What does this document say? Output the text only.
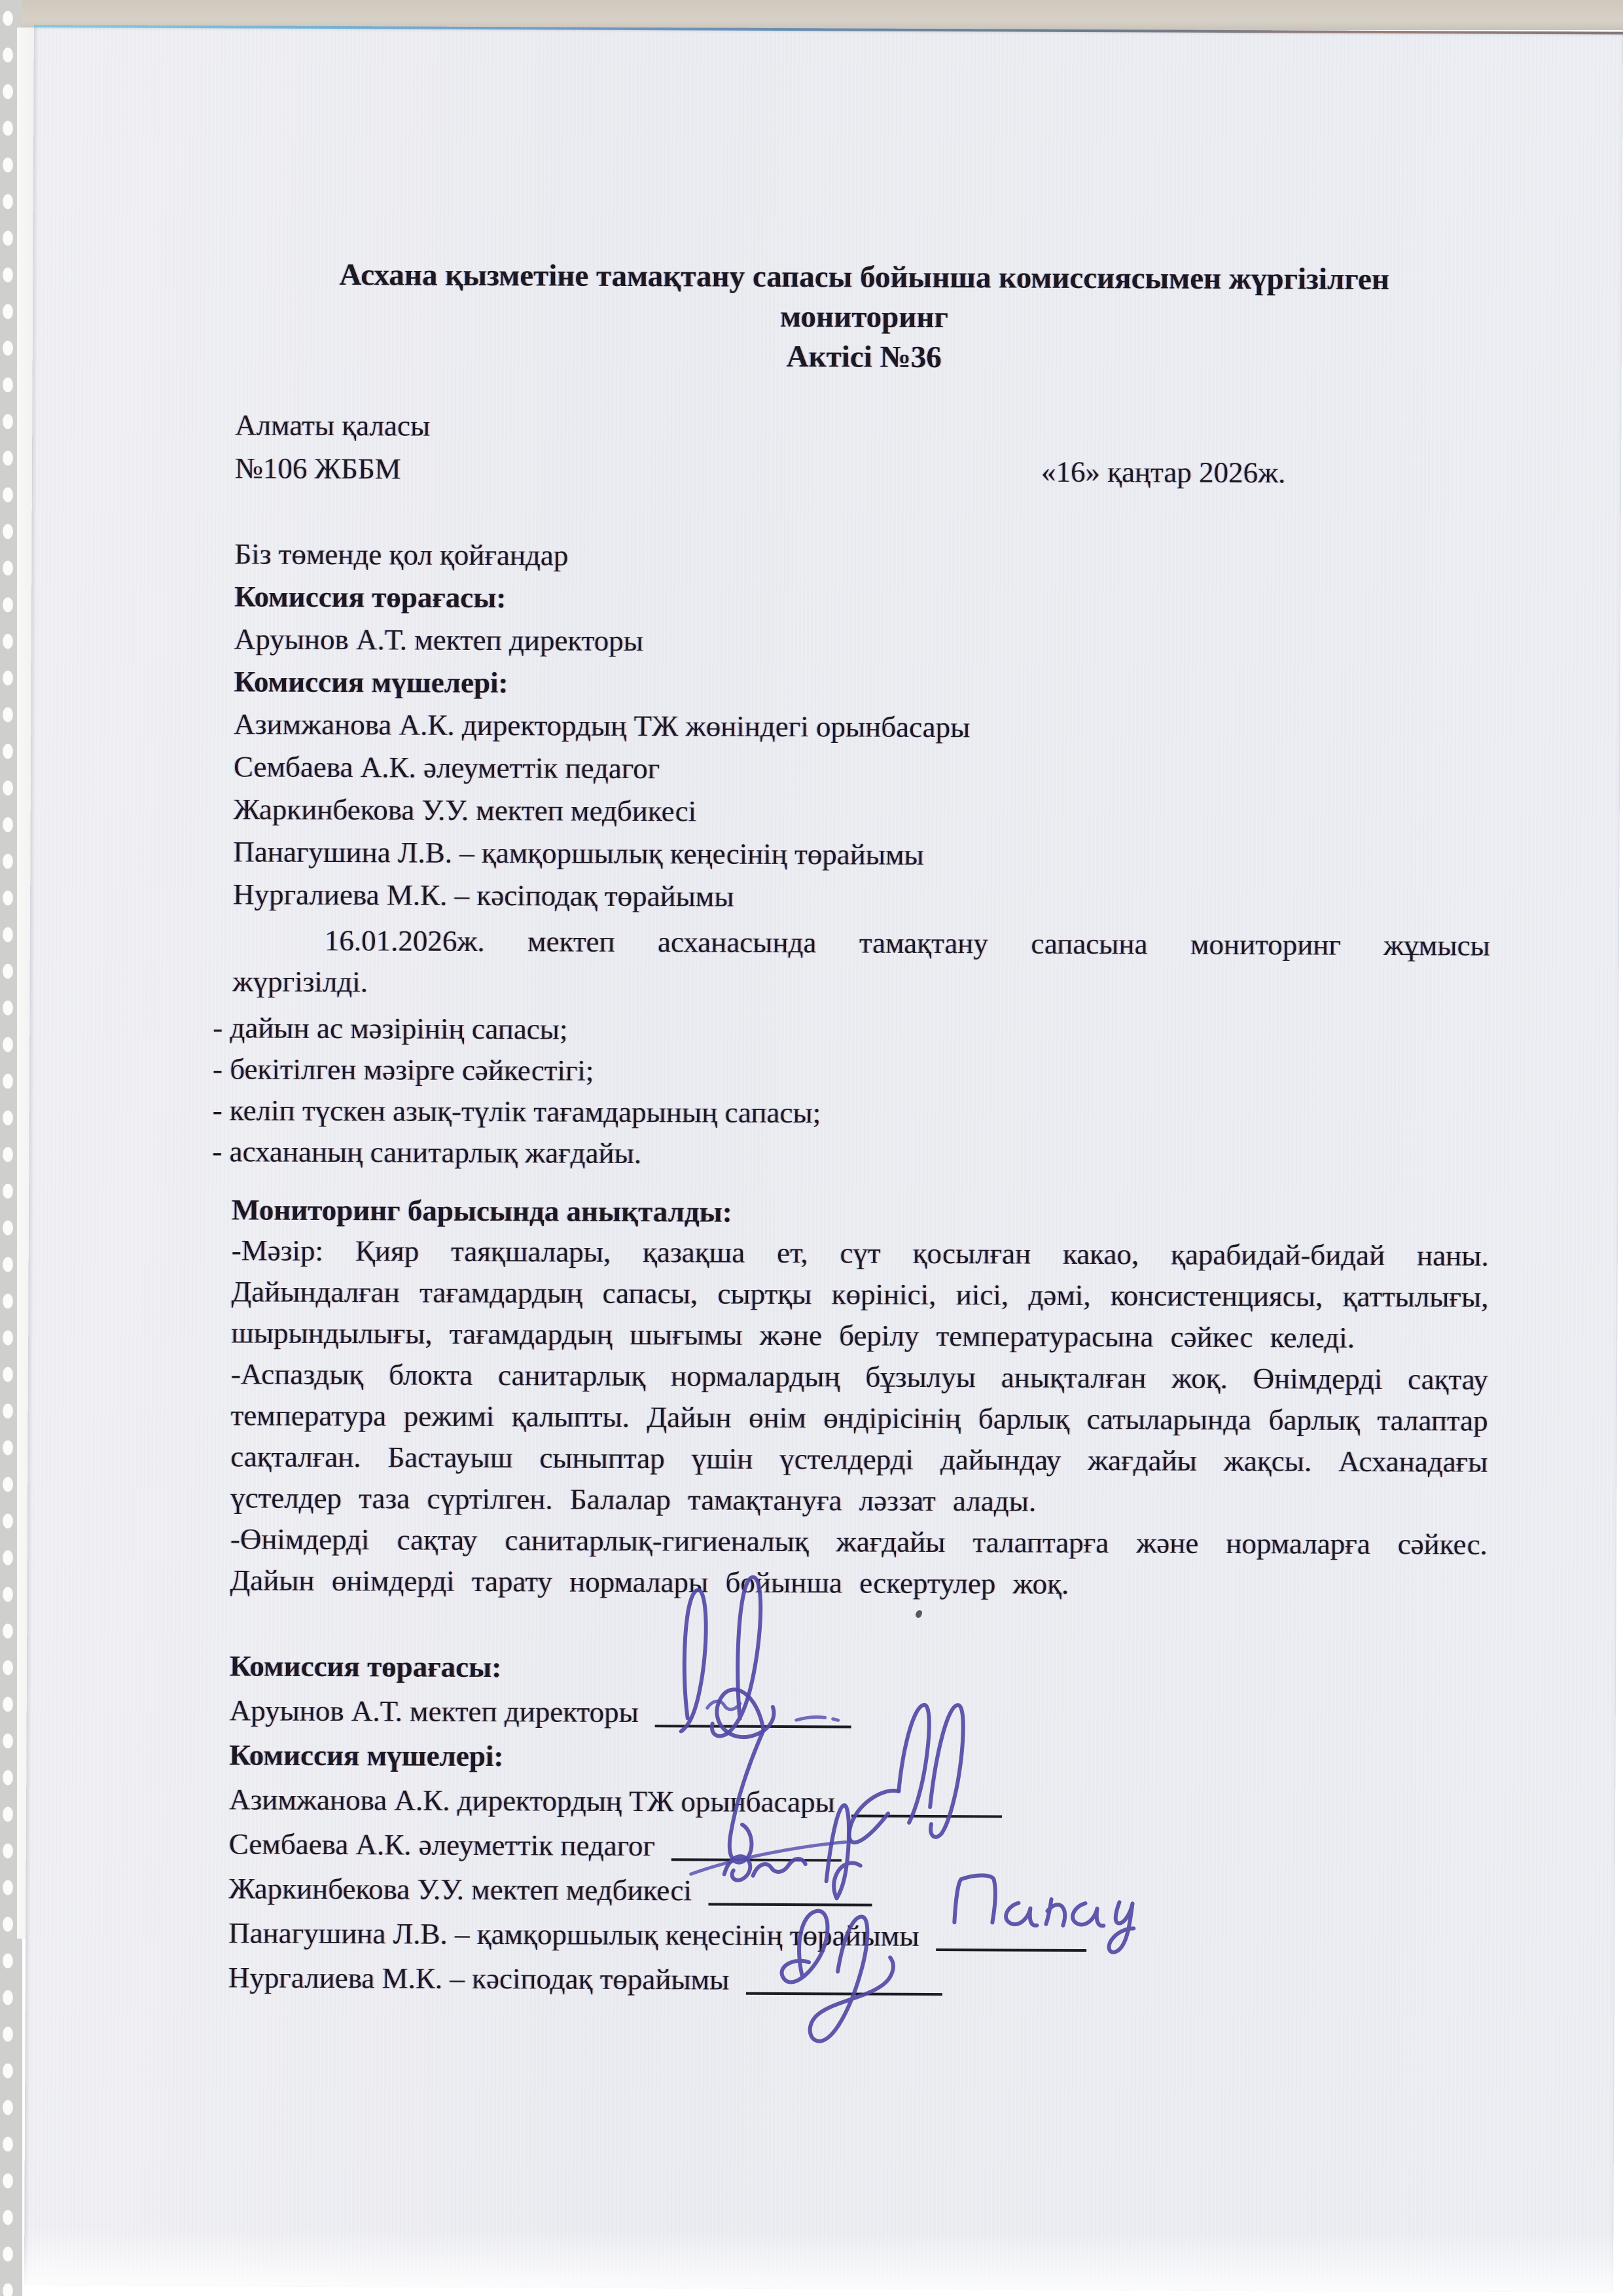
Асхана қызметіне тамақтану сапасы бойынша комиссиясымен жүргізілген
мониторинг
Актісі №36
Алматы қаласы
№106 ЖББМ	«16» қаңтар 2026ж.
Біз төменде қол қойғандар
Комиссия төрағасы:
Аруынов А.Т. мектеп директоры
Комиссия мүшелері:
Азимжанова А.К. директордың ТЖ жөніндегі орынбасары
Сембаева А.К. әлеуметтік педагог
Жаркинбекова У.У. мектеп медбикесі
Панагушина Л.В. – қамқоршылық кеңесінің төрайымы
Нургалиева М.К. – кәсіподақ төрайымы
16.01.2026ж. мектеп асханасында тамақтану сапасына мониторинг жұмысы жүргізілді.
- дайын ас мәзірінің сапасы;
- бекітілген мәзірге сәйкестігі;
- келіп түскен азық-түлік тағамдарының сапасы;
- асхананың санитарлық жағдайы.
Мониторинг барысында анықталды:
-Мәзір: Қияр таяқшалары, қазақша ет, сүт қосылған какао, қарабидай-бидай наны. Дайындалған тағамдардың сапасы, сыртқы көрінісі, иісі, дәмі, консистенциясы, қаттылығы, шырындылығы, тағамдардың шығымы және берілу температурасына сәйкес келеді.
-Аспаздық блокта санитарлық нормалардың бұзылуы анықталған жоқ. Өнімдерді сақтау температура режимі қалыпты. Дайын өнім өндірісінің барлық сатыларында барлық талаптар сақталған. Бастауыш сыныптар үшін үстелдерді дайындау жағдайы жақсы. Асханадағы үстелдер таза сүртілген. Балалар тамақтануға ләззат алады.
-Өнімдерді сақтау санитарлық-гигиеналық жағдайы талаптарға және нормаларға сәйкес. Дайын өнімдерді тарату нормалары бойынша ескертулер жоқ.
Комиссия төрағасы:
Аруынов А.Т. мектеп директоры
Комиссия мүшелері:
Азимжанова А.К. директордың ТЖ орынбасары
Сембаева А.К. әлеуметтік педагог
Жаркинбекова У.У. мектеп медбикесі
Панагушина Л.В. – қамқоршылық кеңесінің төрайымы
Нургалиева М.К. – кәсіподақ төрайымы
